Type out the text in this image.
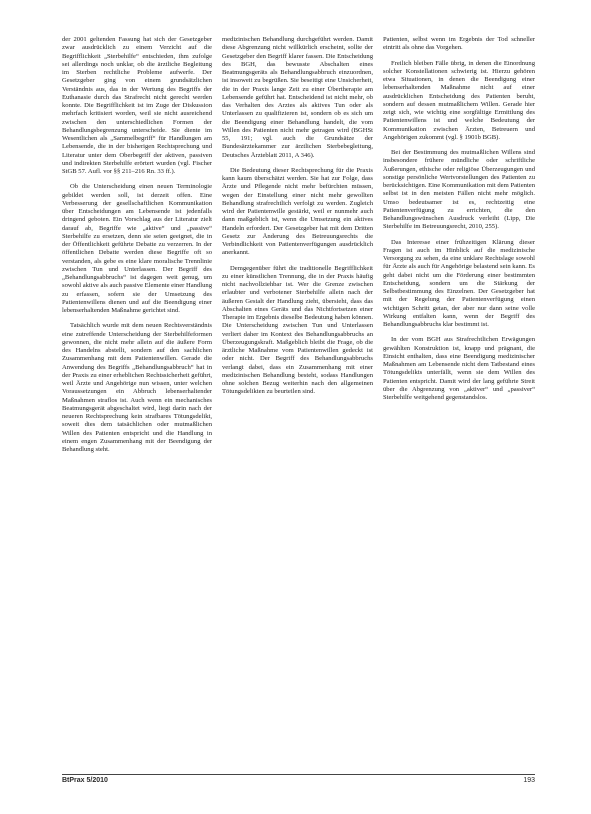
der 2001 geltenden Fassung hat sich der Gesetzgeber zwar ausdrücklich zu einem Verzicht auf die Begrifflichkeit „Sterbehilfe“ entschieden, ihm zufolge sei allerdings noch unklar, ob die ärztliche Begleitung im Sterben rechtliche Probleme aufwerfe. Der Gesetzgeber ging von einem grundsätzlichen Verständnis aus, das in der Wertung des Begriffs der Euthanasie durch das Strafrecht nicht gerecht werden konnte. Die Begrifflichkeit ist im Zuge der Diskussion mehrfach kritisiert worden, weil sie nicht ausreichend zwischen den unterschiedlichen Formen der Behandlungsbegrenzung unterscheide. Sie diente im Wesentlichen als „Sammelbegriff“ für Handlungen am Lebensende, die in der bisherigen Rechtsprechung und Literatur unter dem Oberbegriff der aktiven, passiven und indirekten Sterbehilfe erörtert wurden (vgl. Fischer StGB 57. Aufl. vor §§ 211–216 Rn. 33 ff.).

Ob die Unterscheidung einen neuen Terminologie gebildet werden soll, ist derzeit offen. Eine Verbesserung der gesellschaftlichen Kommunikation über Entscheidungen am Lebensende ist jedenfalls dringend geboten. Ein Vorschlag aus der Literatur zielt darauf ab, Begriffe wie „aktive“ und „passive“ Sterbehilfe zu ersetzen, denn sie seien geeignet, die in der Öffentlichkeit geführte Debatte zu verzerren. In der öffentlichen Debatte werden diese Begriffe oft so verstanden, als gebe es eine klare moralische Trennlinie zwischen Tun und Unterlassen. Der Begriff des „Behandlungsabbruchs“ ist dagegen weit genug, um sowohl aktive als auch passive Elemente einer Handlung zu erfassen, sofern sie der Umsetzung des Patientenwillens dienen und auf die Beendigung einer lebenserhaltenden Maßnahme gerichtet sind.

Tatsächlich wurde mit dem neuen Rechtsverständnis eine zutreffende Unterscheidung der Sterbehilfeformen gewonnen, die nicht mehr allein auf die äußere Form des Handelns abstellt, sondern auf den sachlichen Zusammenhang mit dem Patientenwillen. Gerade die Anwendung des Begriffs „Behandlungsabbruch“ hat in der Praxis zu einer erheblichen Rechtssicherheit geführt, weil Ärzte und Angehörige nun wissen, unter welchen Voraussetzungen ein Abbruch lebenserhaltender Maßnahmen straflos ist. Auch wenn ein mechanisches Beatmungsgerät abgeschaltet wird, liegt darin nach der neueren Rechtsprechung kein strafbares Tötungsdelikt, soweit dies dem tatsächlichen oder mutmaßlichen Willen des Patienten entspricht und die Handlung in einem engen Zusammenhang mit der Beendigung der Behandlung steht.

medizinischen Behandlung durchgeführt werden. Damit diese Abgrenzung nicht willkürlich erscheint, sollte der Gesetzgeber den Begriff klarer fassen. Die Entscheidung des BGH, das bewusste Abschalten eines Beatmungsgeräts als Behandlungsabbruch einzuordnen, ist insoweit zu begrüßen. Sie beseitigt eine Unsicherheit, die in der Praxis lange Zeit zu einer Übertherapie am Lebensende geführt hat. Entscheidend ist nicht mehr, ob das Verhalten des Arztes als aktives Tun oder als Unterlassen zu qualifizieren ist, sondern ob es sich um die Beendigung einer Behandlung handelt, die vom Willen des Patienten nicht mehr getragen wird (BGHSt 55, 191; vgl. auch die Grundsätze der Bundesärztekammer zur ärztlichen Sterbebegleitung, Deutsches Ärzteblatt 2011, A 346).

Die Bedeutung dieser Rechtsprechung für die Praxis kann kaum überschätzt werden. Sie hat zur Folge, dass Ärzte und Pflegende nicht mehr befürchten müssen, wegen der Einstellung einer nicht mehr gewollten Behandlung strafrechtlich verfolgt zu werden. Zugleich wird der Patientenwille gestärkt, weil er nunmehr auch dann maßgeblich ist, wenn die Umsetzung ein aktives Handeln erfordert. Der Gesetzgeber hat mit dem Dritten Gesetz zur Änderung des Betreuungsrechts die Verbindlichkeit von Patientenverfügungen ausdrücklich anerkannt.

Demgegenüber führt die traditionelle Begrifflichkeit zu einer künstlichen Trennung, die in der Praxis häufig nicht nachvollziehbar ist. Wer die Grenze zwischen erlaubter und verbotener Sterbehilfe allein nach der äußeren Gestalt der Handlung zieht, übersieht, dass das Abschalten eines Geräts und das Nichtfortsetzen einer Therapie im Ergebnis dieselbe Bedeutung haben können. Die Unterscheidung zwischen Tun und Unterlassen verliert daher im Kontext des Behandlungsabbruchs an Überzeugungskraft. Maßgeblich bleibt die Frage, ob die ärztliche Maßnahme vom Patientenwillen gedeckt ist oder nicht. Der Begriff des Behandlungsabbruchs verlangt dabei, dass ein Zusammenhang mit einer medizinischen Behandlung besteht, sodass Handlungen ohne solchen Bezug weiterhin nach den allgemeinen Tötungsdelikten zu beurteilen sind.

Patienten, selbst wenn im Ergebnis der Tod schneller eintritt als ohne das Vorgehen.

Freilich bleiben Fälle übrig, in denen die Einordnung solcher Konstellationen schwierig ist. Hierzu gehören etwa Situationen, in denen die Beendigung einer lebenserhaltenden Maßnahme nicht auf einer ausdrücklichen Entscheidung des Patienten beruht, sondern auf dessen mutmaßlichem Willen. Gerade hier zeigt sich, wie wichtig eine sorgfältige Ermittlung des Patientenwillens ist und welche Bedeutung der Kommunikation zwischen Ärzten, Betreuern und Angehörigen zukommt (vgl. § 1901b BGB).

Bei der Bestimmung des mutmaßlichen Willens sind insbesondere frühere mündliche oder schriftliche Äußerungen, ethische oder religiöse Überzeugungen und sonstige persönliche Wertvorstellungen des Patienten zu berücksichtigen. Eine Kommunikation mit dem Patienten selbst ist in den meisten Fällen nicht mehr möglich. Umso bedeutsamer ist es, rechtzeitig eine Patientenverfügung zu errichten, die den Behandlungswünschen Ausdruck verleiht (Lipp, Die Sterbehilfe im Betreuungsrecht, 2010, 255).

Das Interesse einer frühzeitigen Klärung dieser Fragen ist auch im Hinblick auf die medizinische Versorgung zu sehen, da eine unklare Rechtslage sowohl für Ärzte als auch für Angehörige belastend sein kann. Es geht dabei nicht um die Förderung einer bestimmten Entscheidung, sondern um die Stärkung der Selbstbestimmung des Einzelnen. Der Gesetzgeber hat mit der Regelung der Patientenverfügung einen wichtigen Schritt getan, der aber nur dann seine volle Wirkung entfalten kann, wenn der Begriff des Behandlungsabbruchs klar bestimmt ist.

In der vom BGH aus Strafrechtlichen Erwägungen gewählten Konstruktion ist, knapp und prägnant, die Einsicht enthalten, dass eine Beendigung medizinischer Maßnahmen am Lebensende nicht dem Tatbestand eines Tötungsdelikts unterfällt, wenn sie dem Willen des Patienten entspricht. Damit wird der lang geführte Streit über die Abgrenzung von „aktiver“ und „passiver“ Sterbehilfe weitgehend gegenstandslos.

BtPrax 5/2010	193
